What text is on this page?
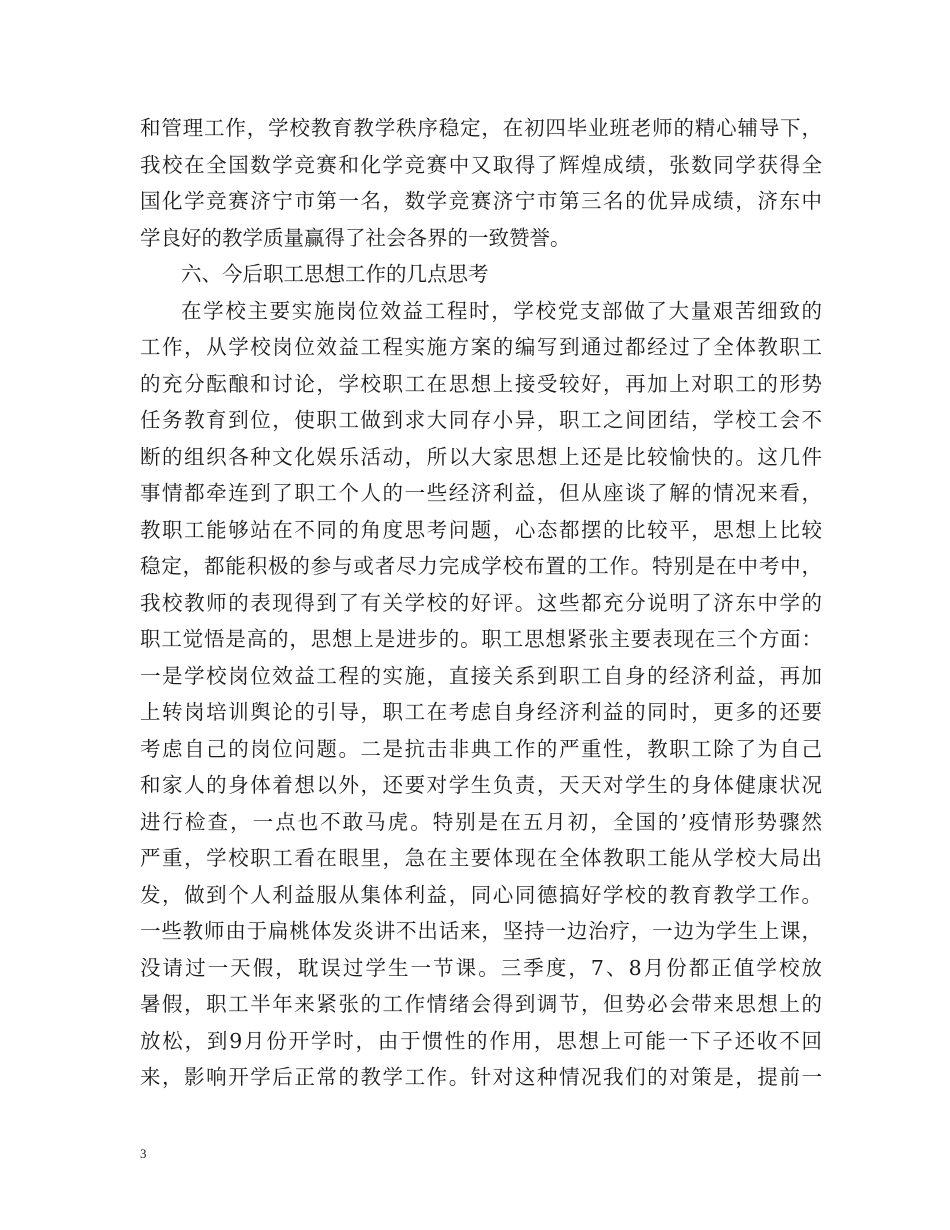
和管理工作，学校教育教学秩序稳定，在初四毕业班老师的精心辅导下，
我校在全国数学竞赛和化学竞赛中又取得了辉煌成绩，张数同学获得全
国化学竞赛济宁市第一名，数学竞赛济宁市第三名的优异成绩，济东中
学良好的教学质量赢得了社会各界的一致赞誉。
六、今后职工思想工作的几点思考
在学校主要实施岗位效益工程时，学校党支部做了大量艰苦细致的
工作，从学校岗位效益工程实施方案的编写到通过都经过了全体教职工
的充分酝酿和讨论，学校职工在思想上接受较好，再加上对职工的形势
任务教育到位，使职工做到求大同存小异，职工之间团结，学校工会不
断的组织各种文化娱乐活动，所以大家思想上还是比较愉快的。这几件
事情都牵连到了职工个人的一些经济利益，但从座谈了解的情况来看，
教职工能够站在不同的角度思考问题，心态都摆的比较平，思想上比较
稳定，都能积极的参与或者尽力完成学校布置的工作。特别是在中考中，
我校教师的表现得到了有关学校的好评。这些都充分说明了济东中学的
职工觉悟是高的，思想上是进步的。职工思想紧张主要表现在三个方面：
一是学校岗位效益工程的实施，直接关系到职工自身的经济利益，再加
上转岗培训舆论的引导，职工在考虑自身经济利益的同时，更多的还要
考虑自己的岗位问题。二是抗击非典工作的严重性，教职工除了为自己
和家人的身体着想以外，还要对学生负责，天天对学生的身体健康状况
进行检查，一点也不敢马虎。特别是在五月初，全国的’疫情形势骤然
严重，学校职工看在眼里，急在主要体现在全体教职工能从学校大局出
发，做到个人利益服从集体利益，同心同德搞好学校的教育教学工作。
一些教师由于扁桃体发炎讲不出话来，坚持一边治疗，一边为学生上课，
没请过一天假，耽误过学生一节课。三季度，7、8月份都正值学校放
暑假，职工半年来紧张的工作情绪会得到调节，但势必会带来思想上的
放松，到9月份开学时，由于惯性的作用，思想上可能一下子还收不回
来，影响开学后正常的教学工作。针对这种情况我们的对策是，提前一
3
